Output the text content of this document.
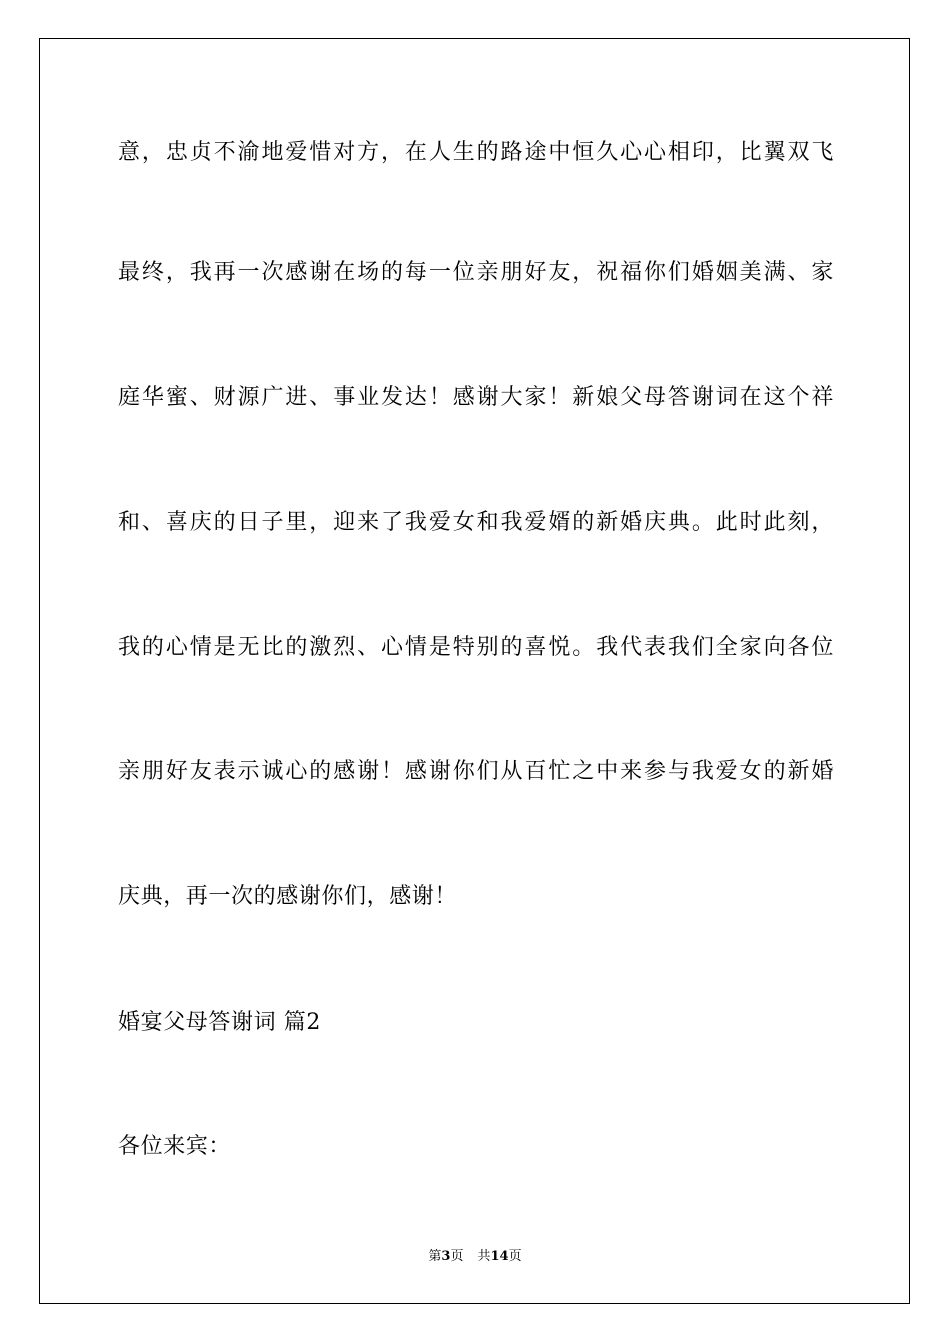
意，忠贞不渝地爱惜对方，在人生的路途中恒久心心相印，比翼双飞
最终，我再一次感谢在场的每一位亲朋好友，祝福你们婚姻美满、家
庭华蜜、财源广进、事业发达！感谢大家！新娘父母答谢词在这个祥
和、喜庆的日子里，迎来了我爱女和我爱婿的新婚庆典。此时此刻，
我的心情是无比的激烈、心情是特别的喜悦。我代表我们全家向各位
亲朋好友表示诚心的感谢！感谢你们从百忙之中来参与我爱女的新婚
庆典，再一次的感谢你们，感谢！
婚宴父母答谢词 篇2
各位来宾：
第3页 共14页
